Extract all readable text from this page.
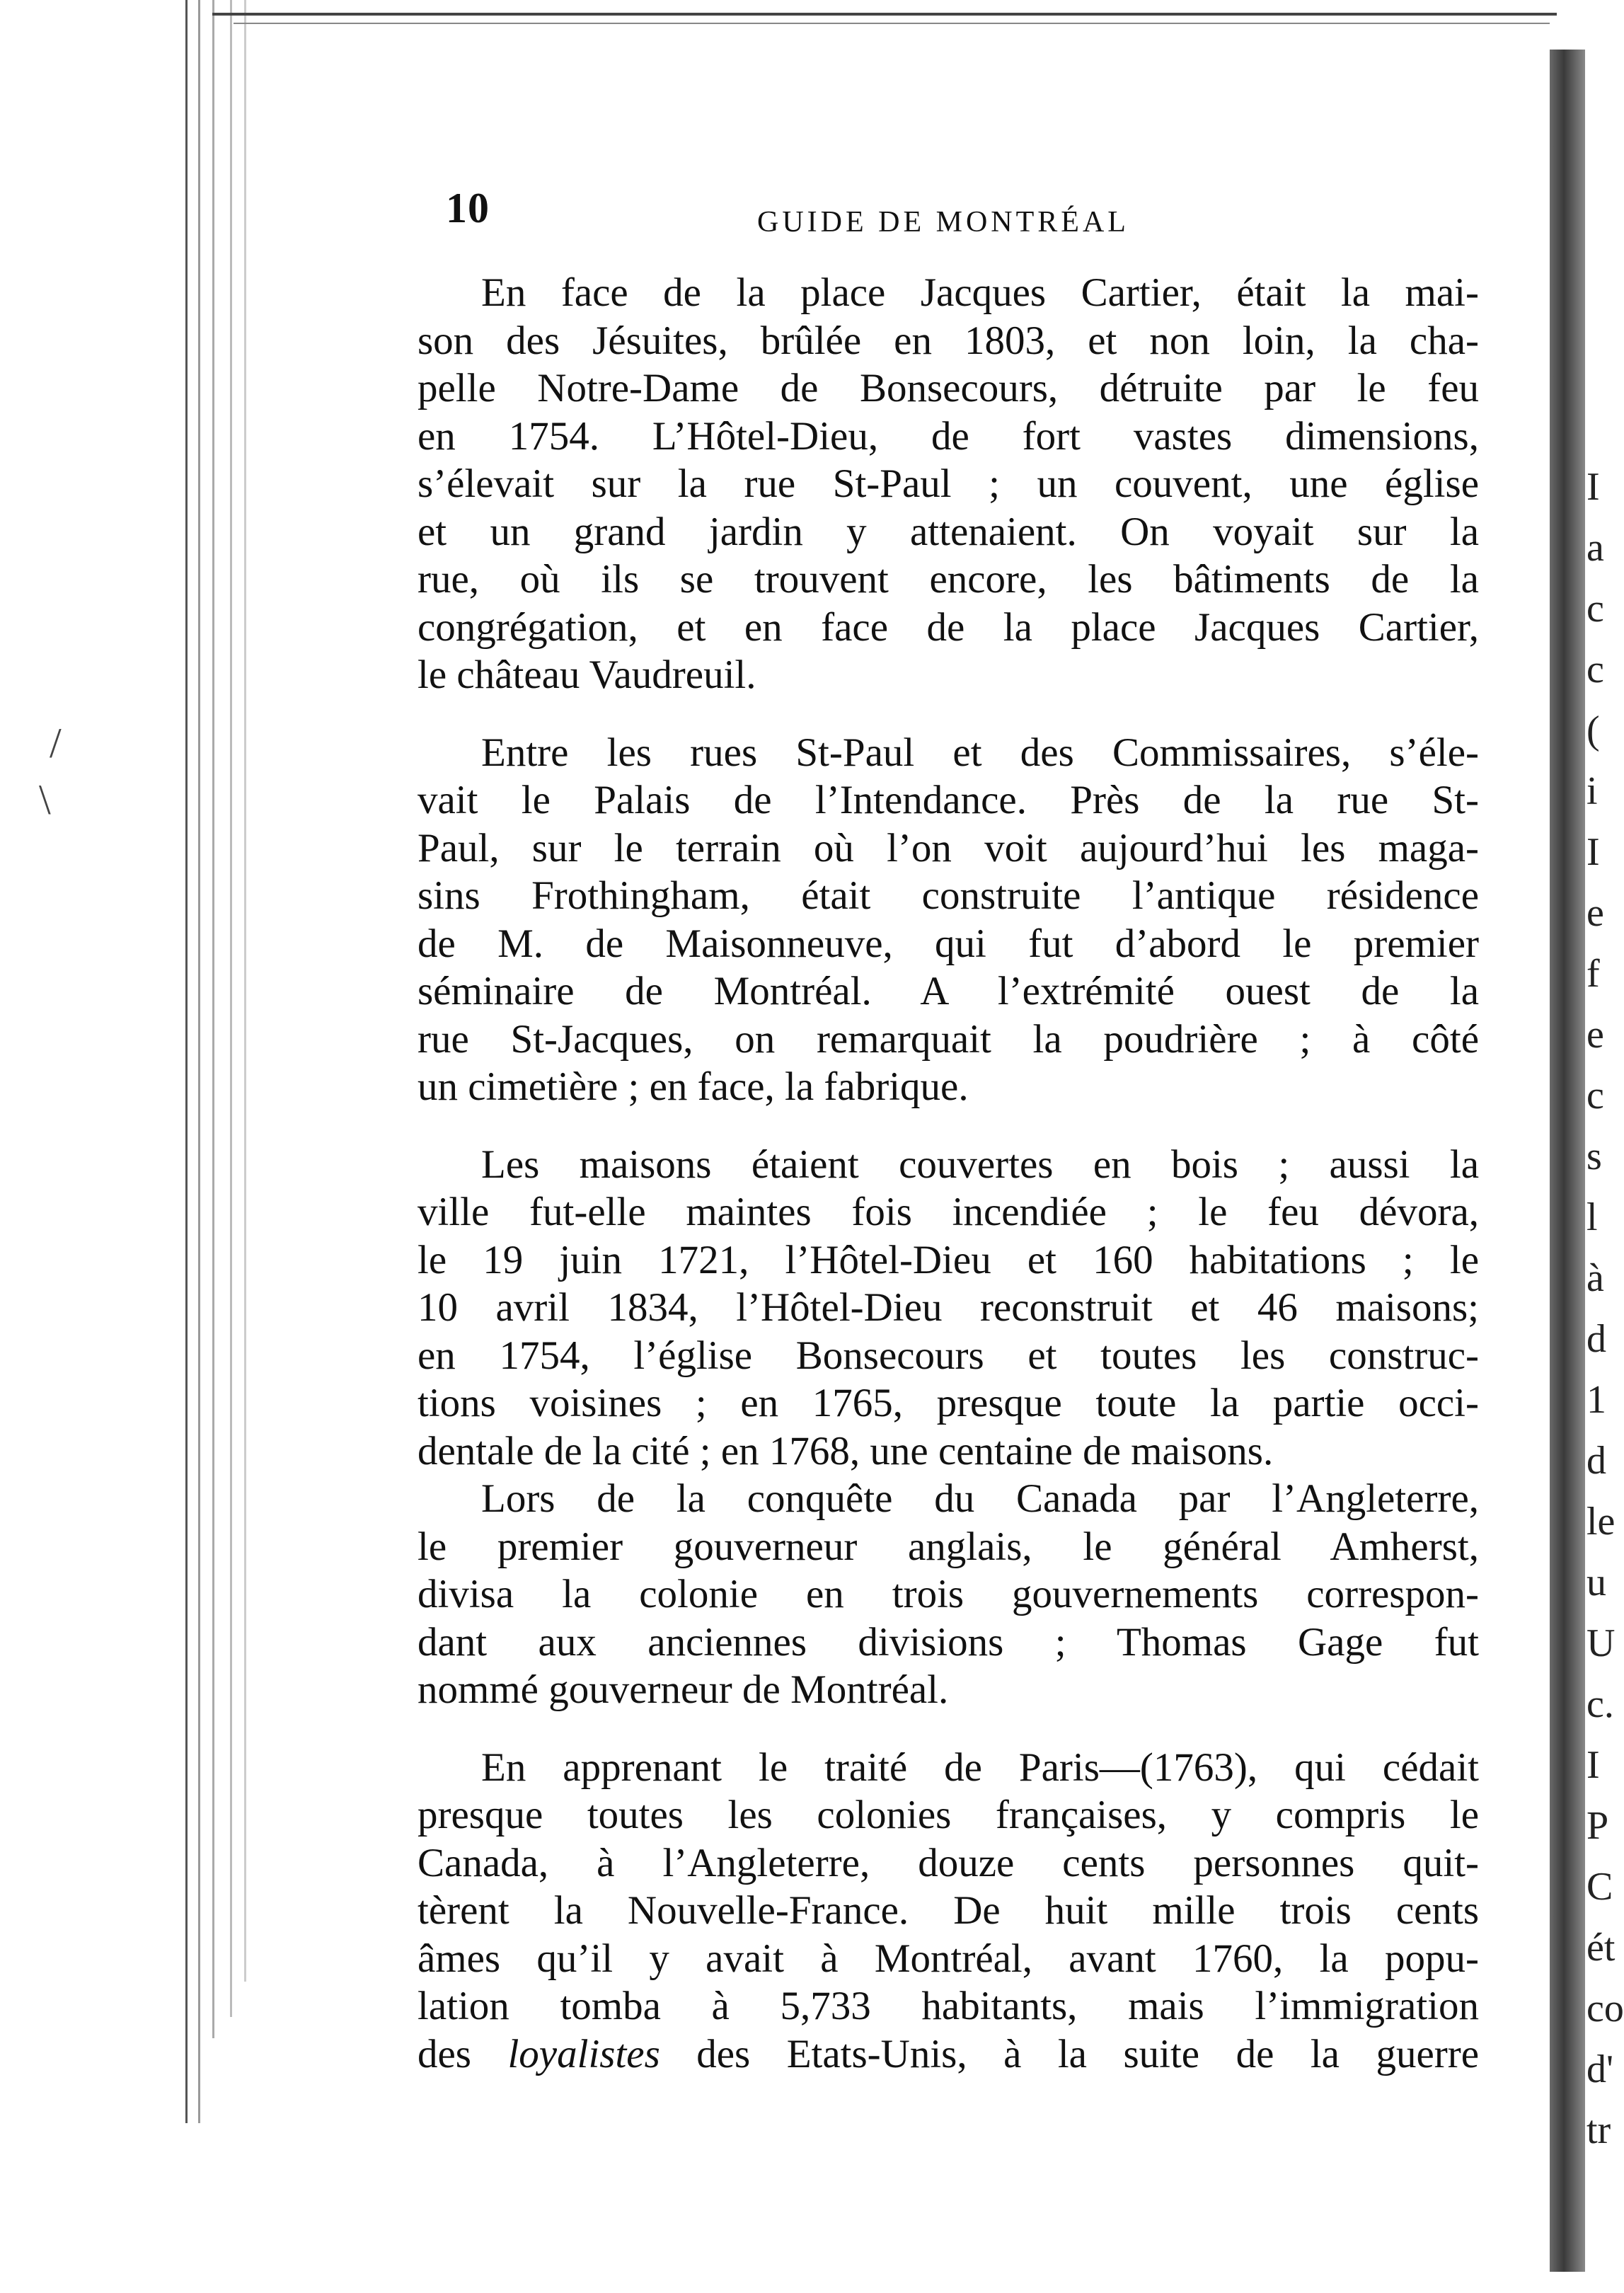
/
\
I
a
c
c
(
i
I
e
f
e
c
s
l
à
d
1
d
le
u
U
c.
I
P
C
ét
co
d'
tr
10	GUIDE DE MONTRÉAL
En face de la place Jacques Cartier, était la mai-
son des Jésuites, brûlée en 1803, et non loin, la cha-
pelle Notre-Dame de Bonsecours, détruite par le feu
en 1754. L’Hôtel-Dieu, de fort vastes dimensions,
s’élevait sur la rue St-Paul ; un couvent, une église
et un grand jardin y attenaient. On voyait sur la
rue, où ils se trouvent encore, les bâtiments de la
congrégation, et en face de la place Jacques Cartier,
le château Vaudreuil.
Entre les rues St-Paul et des Commissaires, s’éle-
vait le Palais de l’Intendance. Près de la rue St-
Paul, sur le terrain où l’on voit aujourd’hui les maga-
sins Frothingham, était construite l’antique résidence
de M. de Maisonneuve, qui fut d’abord le premier
séminaire de Montréal. A l’extrémité ouest de la
rue St-Jacques, on remarquait la poudrière ; à côté
un cimetière ; en face, la fabrique.
Les maisons étaient couvertes en bois ; aussi la
ville fut-elle maintes fois incendiée ; le feu dévora,
le 19 juin 1721, l’Hôtel-Dieu et 160 habitations ; le
10 avril 1834, l’Hôtel-Dieu reconstruit et 46 maisons;
en 1754, l’église Bonsecours et toutes les construc-
tions voisines ; en 1765, presque toute la partie occi-
dentale de la cité ; en 1768, une centaine de maisons.
Lors de la conquête du Canada par l’Angleterre,
le premier gouverneur anglais, le général Amherst,
divisa la colonie en trois gouvernements correspon-
dant aux anciennes divisions ; Thomas Gage fut
nommé gouverneur de Montréal.
En apprenant le traité de Paris—(1763), qui cédait
presque toutes les colonies françaises, y compris le
Canada, à l’Angleterre, douze cents personnes quit-
tèrent la Nouvelle-France. De huit mille trois cents
âmes qu’il y avait à Montréal, avant 1760, la popu-
lation tomba à 5,733 habitants, mais l’immigration
des loyalistes des Etats-Unis, à la suite de la guerre
